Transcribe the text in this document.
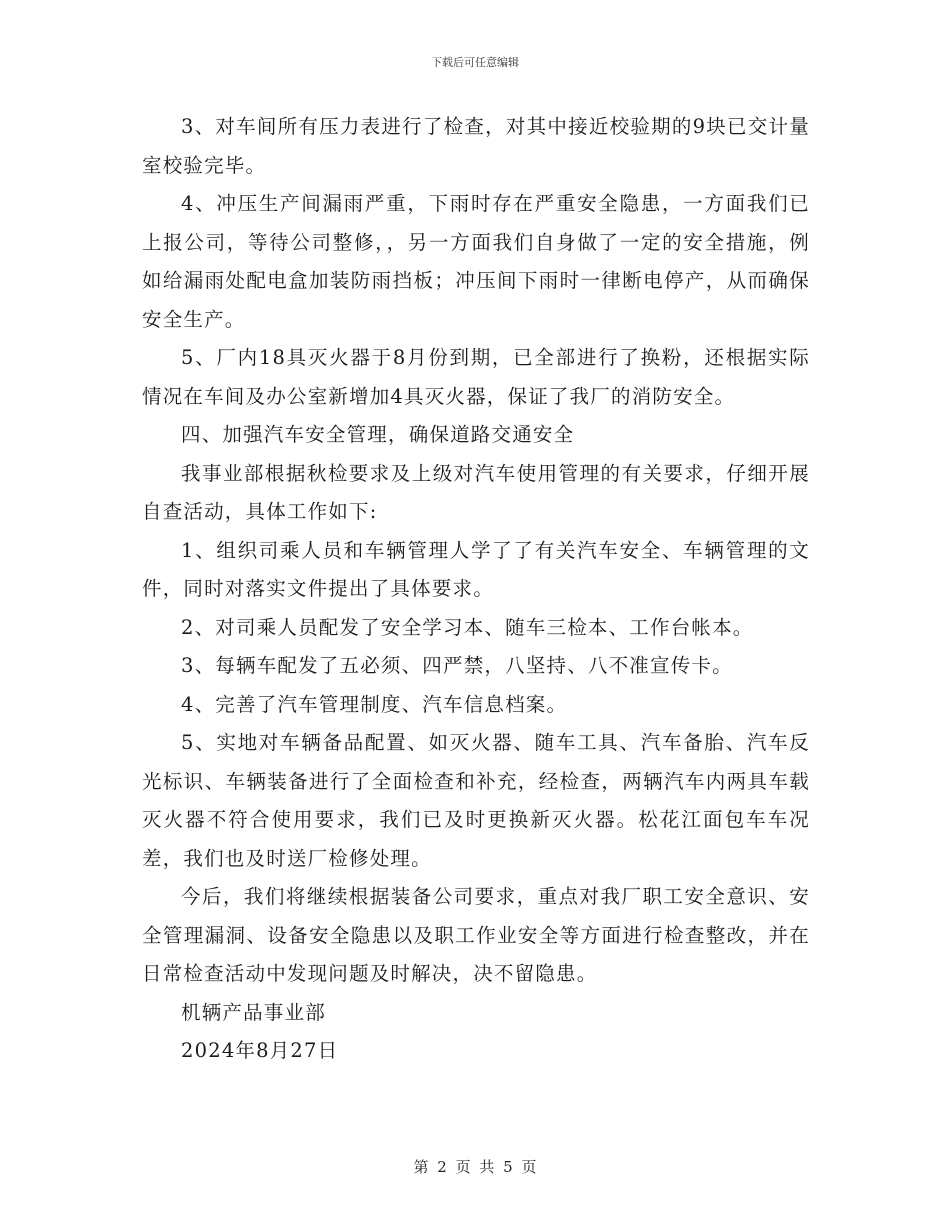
下载后可任意编辑

3、对车间所有压力表进行了检查，对其中接近校验期的9块已交计量室校验完毕。

4、冲压生产间漏雨严重，下雨时存在严重安全隐患，一方面我们已上报公司，等待公司整修，，另一方面我们自身做了一定的安全措施，例如给漏雨处配电盒加装防雨挡板；冲压间下雨时一律断电停产，从而确保安全生产。

5、厂内18具灭火器于8月份到期，已全部进行了换粉，还根据实际情况在车间及办公室新增加4具灭火器，保证了我厂的消防安全。

四、加强汽车安全管理，确保道路交通安全

我事业部根据秋检要求及上级对汽车使用管理的有关要求，仔细开展自查活动，具体工作如下:

1、组织司乘人员和车辆管理人学了了有关汽车安全、车辆管理的文件，同时对落实文件提出了具体要求。

2、对司乘人员配发了安全学习本、随车三检本、工作台帐本。

3、每辆车配发了五必须、四严禁，八坚持、八不准宣传卡。

4、完善了汽车管理制度、汽车信息档案。

5、实地对车辆备品配置、如灭火器、随车工具、汽车备胎、汽车反光标识、车辆装备进行了全面检查和补充，经检查，两辆汽车内两具车载灭火器不符合使用要求，我们已及时更换新灭火器。松花江面包车车况差，我们也及时送厂检修处理。

今后，我们将继续根据装备公司要求，重点对我厂职工安全意识、安全管理漏洞、设备安全隐患以及职工作业安全等方面进行检查整改，并在日常检查活动中发现问题及时解决，决不留隐患。

机辆产品事业部

2024年8月27日

第 2 页 共 5 页
